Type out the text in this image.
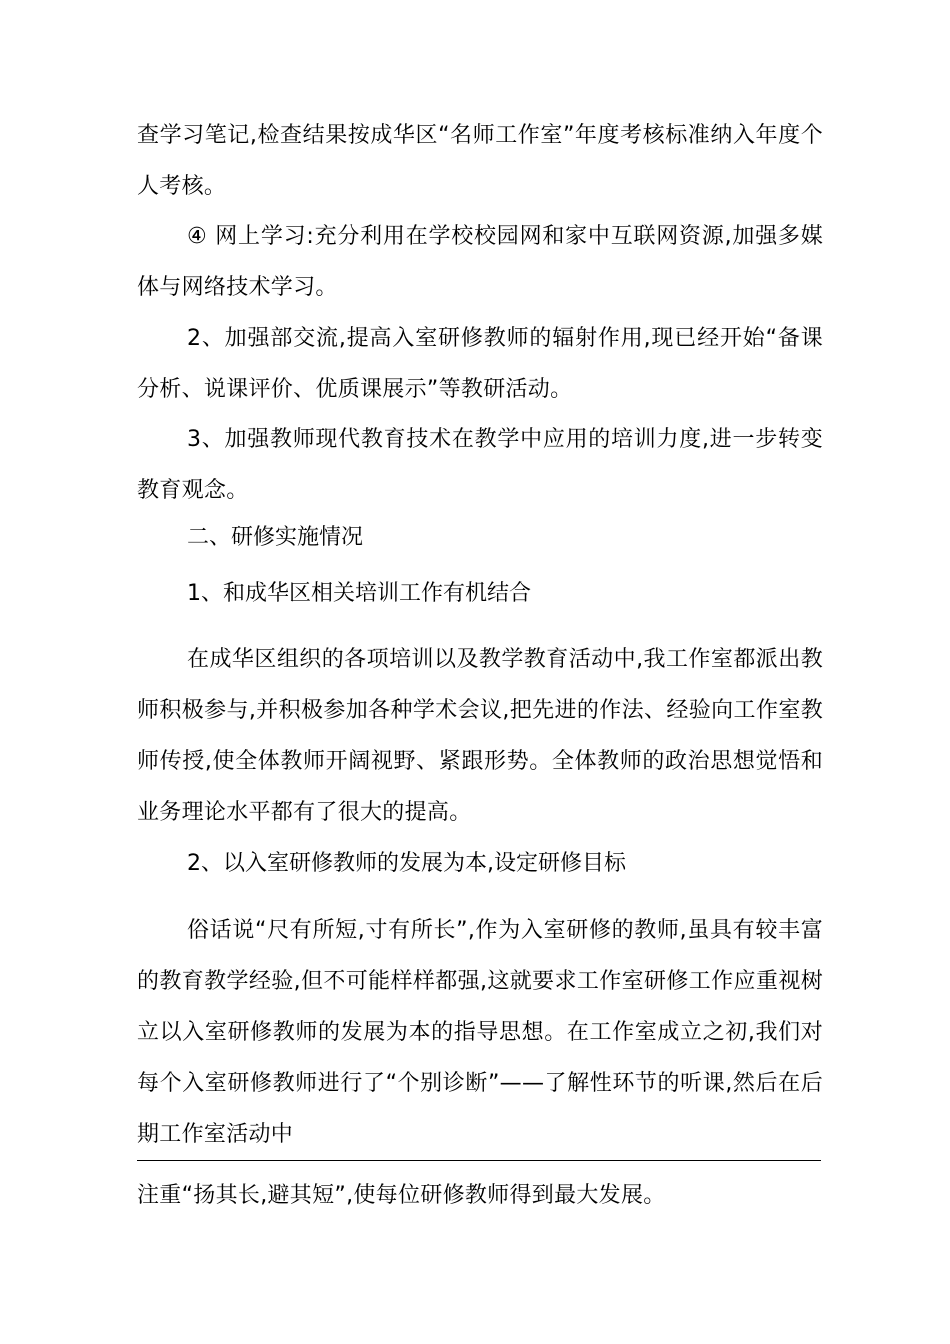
查学习笔记,检查结果按成华区“名师工作室”年度考核标准纳入年度个人考核。

④ 网上学习:充分利用在学校校园网和家中互联网资源,加强多媒体与网络技术学习。

2、加强部交流,提高入室研修教师的辐射作用,现已经开始“备课分析、说课评价、优质课展示”等教研活动。

3、加强教师现代教育技术在教学中应用的培训力度,进一步转变教育观念。

二、研修实施情况

1、和成华区相关培训工作有机结合

在成华区组织的各项培训以及教学教育活动中,我工作室都派出教师积极参与,并积极参加各种学术会议,把先进的作法、经验向工作室教师传授,使全体教师开阔视野、紧跟形势。全体教师的政治思想觉悟和业务理论水平都有了很大的提高。

2、以入室研修教师的发展为本,设定研修目标

俗话说“尺有所短,寸有所长”,作为入室研修的教师,虽具有较丰富的教育教学经验,但不可能样样都强,这就要求工作室研修工作应重视树立以入室研修教师的发展为本的指导思想。在工作室成立之初,我们对每个入室研修教师进行了“个别诊断”——了解性环节的听课,然后在后期工作室活动中

注重“扬其长,避其短”,使每位研修教师得到最大发展。
